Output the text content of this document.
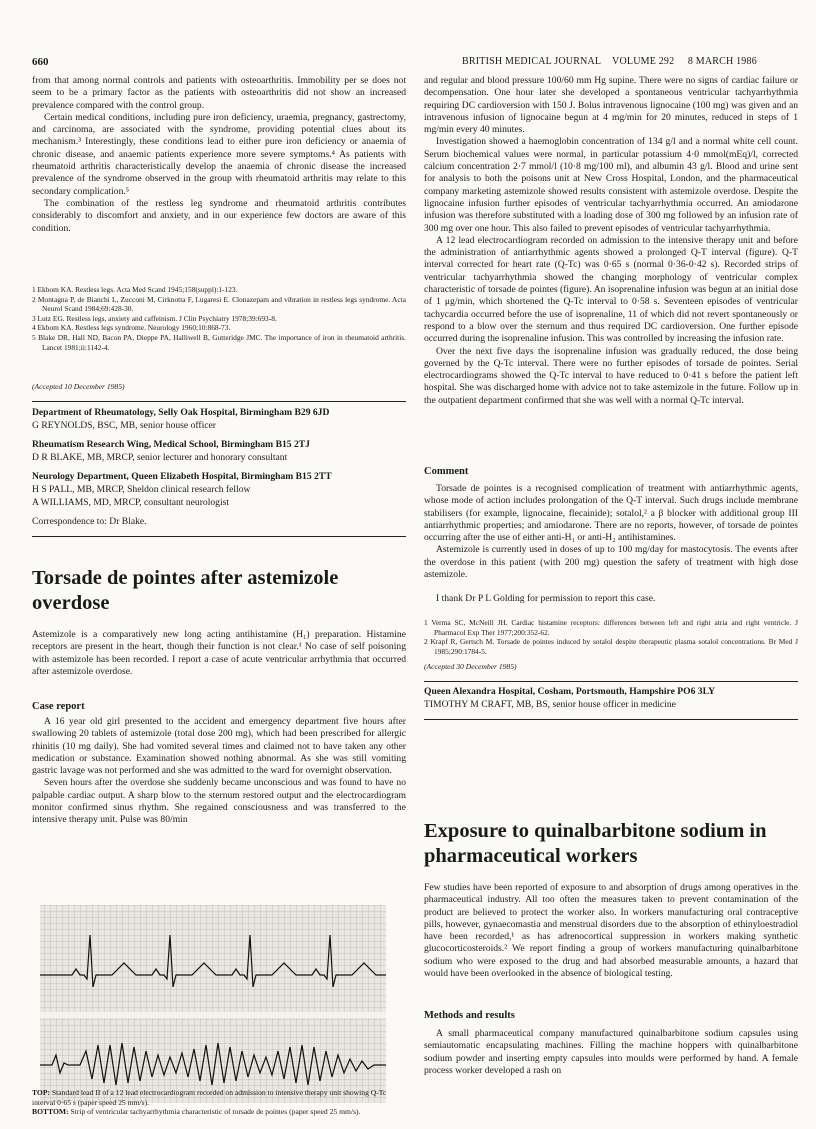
660	BRITISH MEDICAL JOURNAL VOLUME 292 8 MARCH 1986

from that among normal controls and patients with osteoarthritis. Immobility per se does not seem to be a primary factor as the patients with osteoarthritis did not show an increased prevalence compared with the control group.

Certain medical conditions, including pure iron deficiency, uraemia, pregnancy, gastrectomy, and carcinoma, are associated with the syndrome, providing potential clues about its mechanism.³ Interestingly, these conditions lead to either pure iron deficiency or anaemia of chronic disease, and anaemic patients experience more severe symptoms.⁴ As patients with rheumatoid arthritis characteristically develop the anaemia of chronic disease the increased prevalence of the syndrome observed in the group with rheumatoid arthritis may relate to this secondary complication.⁵

The combination of the restless leg syndrome and rheumatoid arthritis contributes considerably to discomfort and anxiety, and in our experience few doctors are aware of this condition.

1 Ekbom KA. Restless legs. Acta Med Scand 1945;158(suppl):1-123.
2 Montagna P, de Bianchi L, Zucconi M, Cirknotta F, Lugaresi E. Clonazepam and vibration in restless legs syndrome. Acta Neurol Scand 1984;69:428-30.
3 Lutz EG. Restless legs, anxiety and caffeinism. J Clin Psychiatry 1978;39:693-8.
4 Ekbom KA. Restless legs syndrome. Neurology 1960;10:868-73.
5 Blake DR, Hall ND, Bacon PA, Dieppe PA, Halliwell B, Gutteridge JMC. The importance of iron in rheumatoid arthritis. Lancet 1981;ii:1142-4.
(Accepted 10 December 1985)
Department of Rheumatology, Selly Oak Hospital, Birmingham B29 6JD
G REYNOLDS, BSC, MB, senior house officer
Rheumatism Research Wing, Medical School, Birmingham B15 2TJ
D R BLAKE, MB, MRCP, senior lecturer and honorary consultant
Neurology Department, Queen Elizabeth Hospital, Birmingham B15 2TT
H S PALL, MB, MRCP, Sheldon clinical research fellow
A WILLIAMS, MD, MRCP, consultant neurologist
Correspondence to: Dr Blake.
Torsade de pointes after astemizole overdose

Astemizole is a comparatively new long acting antihistamine (H₁) preparation. Histamine receptors are present in the heart, though their function is not clear.¹ No case of self poisoning with astemizole has been recorded. I report a case of acute ventricular arrhythmia that occurred after astemizole overdose.

Case report

A 16 year old girl presented to the accident and emergency department five hours after swallowing 20 tablets of astemizole (total dose 200 mg), which had been prescribed for allergic rhinitis (10 mg daily). She had vomited several times and claimed not to have taken any other medication or substance. Examination showed nothing abnormal. As she was still vomiting gastric lavage was not performed and she was admitted to the ward for overnight observation.

Seven hours after the overdose she suddenly became unconscious and was found to have no palpable cardiac output. A sharp blow to the sternum restored output and the electrocardiogram monitor confirmed sinus rhythm. She regained consciousness and was transferred to the intensive therapy unit. Pulse was 80/min

TOP: Standard lead II of a 12 lead electrocardiogram recorded on admission to intensive therapy unit showing Q-Tc interval 0·65 s (paper speed 25 mm/s).
BOTTOM: Strip of ventricular tachyarrhythmia characteristic of torsade de pointes (paper speed 25 mm/s).

and regular and blood pressure 100/60 mm Hg supine. There were no signs of cardiac failure or decompensation. One hour later she developed a spontaneous ventricular tachyarrhythmia requiring DC cardioversion with 150 J. Bolus intravenous lignocaine (100 mg) was given and an intravenous infusion of lignocaine begun at 4 mg/min for 20 minutes, reduced in steps of 1 mg/min every 40 minutes.

Investigation showed a haemoglobin concentration of 134 g/l and a normal white cell count. Serum biochemical values were normal, in particular potassium 4·0 mmol(mEq)/l, corrected calcium concentration 2·7 mmol/l (10·8 mg/100 ml), and albumin 43 g/l. Blood and urine sent for analysis to both the poisons unit at New Cross Hospital, London, and the pharmaceutical company marketing astemizole showed results consistent with astemizole overdose. Despite the lignocaine infusion further episodes of ventricular tachyarrhythmia occurred. An amiodarone infusion was therefore substituted with a loading dose of 300 mg followed by an infusion rate of 300 mg over one hour. This also failed to prevent episodes of ventricular tachyarrhythmia.

A 12 lead electrocardiogram recorded on admission to the intensive therapy unit and before the administration of antiarrhythmic agents showed a prolonged Q-T interval (figure). Q-T interval corrected for heart rate (Q-Tc) was 0·65 s (normal 0·36-0·42 s). Recorded strips of ventricular tachyarrhythmia showed the changing morphology of ventricular complex characteristic of torsade de pointes (figure). An isoprenaline infusion was begun at an initial dose of 1 μg/min, which shortened the Q-Tc interval to 0·58 s. Seventeen episodes of ventricular tachycardia occurred before the use of isoprenaline, 11 of which did not revert spontaneously or respond to a blow over the sternum and thus required DC cardioversion. One further episode occurred during the isoprenaline infusion. This was controlled by increasing the infusion rate.

Over the next five days the isoprenaline infusion was gradually reduced, the dose being governed by the Q-Tc interval. There were no further episodes of torsade de pointes. Serial electrocardiograms showed the Q-Tc interval to have reduced to 0·41 s before the patient left hospital. She was discharged home with advice not to take astemizole in the future. Follow up in the outpatient department confirmed that she was well with a normal Q-Tc interval.

Comment

Torsade de pointes is a recognised complication of treatment with antiarrhythmic agents, whose mode of action includes prolongation of the Q-T interval. Such drugs include membrane stabilisers (for example, lignocaine, flecainide); sotalol,² a β blocker with additional group III antiarrhythmic properties; and amiodarone. There are no reports, however, of torsade de pointes occurring after the use of either anti-H₁ or anti-H₂ antihistamines.

Astemizole is currently used in doses of up to 100 mg/day for mastocytosis. The events after the overdose in this patient (with 200 mg) question the safety of treatment with high dose astemizole.

I thank Dr P L Golding for permission to report this case.

1 Verma SC, McNeill JH. Cardiac histamine receptors: differences between left and right atria and right ventricle. J Pharmacol Exp Ther 1977;200:352-62.
2 Krapf R, Gertsch M. Torsade de pointes induced by sotalol despite therapeutic plasma sotalol concentrations. Br Med J 1985;290:1784-5.
(Accepted 30 December 1985)
Queen Alexandra Hospital, Cosham, Portsmouth, Hampshire PO6 3LY
TIMOTHY M CRAFT, MB, BS, senior house officer in medicine
Exposure to quinalbarbitone sodium in pharmaceutical workers

Few studies have been reported of exposure to and absorption of drugs among operatives in the pharmaceutical industry. All too often the measures taken to prevent contamination of the product are believed to protect the worker also. In workers manufacturing oral contraceptive pills, however, gynaecomastia and menstrual disorders due to the absorption of ethinyloestradiol have been recorded,¹ as has adrenocortical suppression in workers making synthetic glucocorticosteroids.² We report finding a group of workers manufacturing quinalbarbitone sodium who were exposed to the drug and had absorbed measurable amounts, a hazard that would have been overlooked in the absence of biological testing.

Methods and results

A small pharmaceutical company manufactured quinalbarbitone sodium capsules using semiautomatic encapsulating machines. Filling the machine hoppers with quinalbarbitone sodium powder and inserting empty capsules into moulds were performed by hand. A female process worker developed a rash on
